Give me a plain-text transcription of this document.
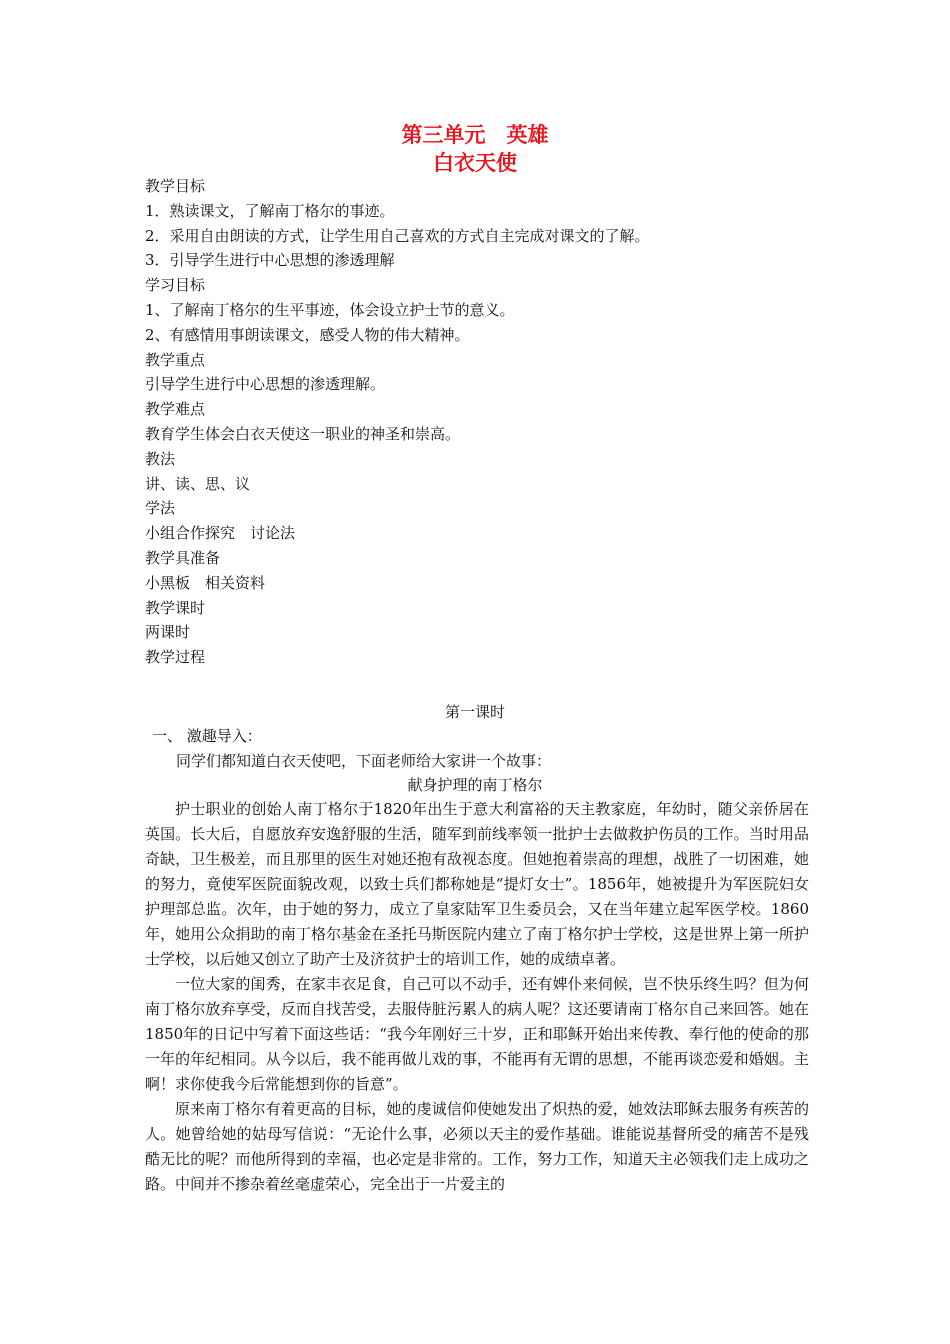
第三单元　英雄
白衣天使
教学目标
1．熟读课文，了解南丁格尔的事迹。
2．采用自由朗读的方式，让学生用自己喜欢的方式自主完成对课文的了解。
3．引导学生进行中心思想的渗透理解
学习目标
1、了解南丁格尔的生平事迹，体会设立护士节的意义。
2、有感情用事朗读课文，感受人物的伟大精神。
教学重点
引导学生进行中心思想的渗透理解。
教学难点
教育学生体会白衣天使这一职业的神圣和崇高。
教法
讲、读、思、议
学法
小组合作探究　讨论法
教学具准备
小黑板　相关资料
教学课时
两课时
教学过程
第一课时
一、 激趣导入：
同学们都知道白衣天使吧，下面老师给大家讲一个故事：
献身护理的南丁格尔

护士职业的创始人南丁格尔于1820年出生于意大利富裕的天主教家庭，年幼时，随父亲侨居在英国。长大后，自愿放弃安逸舒服的生活，随军到前线率领一批护士去做救护伤员的工作。当时用品奇缺，卫生极差，而且那里的医生对她还抱有敌视态度。但她抱着崇高的理想，战胜了一切困难，她的努力，竟使军医院面貌改观，以致士兵们都称她是“提灯女士”。1856年，她被提升为军医院妇女护理部总监。次年，由于她的努力，成立了皇家陆军卫生委员会，又在当年建立起军医学校。1860年，她用公众捐助的南丁格尔基金在圣托马斯医院内建立了南丁格尔护士学校，这是世界上第一所护士学校，以后她又创立了助产士及济贫护士的培训工作，她的成绩卓著。

一位大家的闺秀，在家丰衣足食，自己可以不动手，还有婢仆来伺候，岂不快乐终生吗？但为何南丁格尔放弃享受，反而自找苦受，去服侍脏污累人的病人呢？这还要请南丁格尔自己来回答。她在1850年的日记中写着下面这些话：“我今年刚好三十岁，正和耶稣开始出来传教、奉行他的使命的那一年的年纪相同。从今以后，我不能再做儿戏的事，不能再有无谓的思想，不能再谈恋爱和婚姻。主啊！求你使我今后常能想到你的旨意”。

原来南丁格尔有着更高的目标，她的虔诚信仰使她发出了炽热的爱，她效法耶稣去服务有疾苦的人。她曾给她的姑母写信说：“无论什么事，必须以天主的爱作基础。谁能说基督所受的痛苦不是残酷无比的呢？而他所得到的幸福，也必定是非常的。工作，努力工作，知道天主必领我们走上成功之路。中间并不掺杂着丝毫虚荣心，完全出于一片爱主的
